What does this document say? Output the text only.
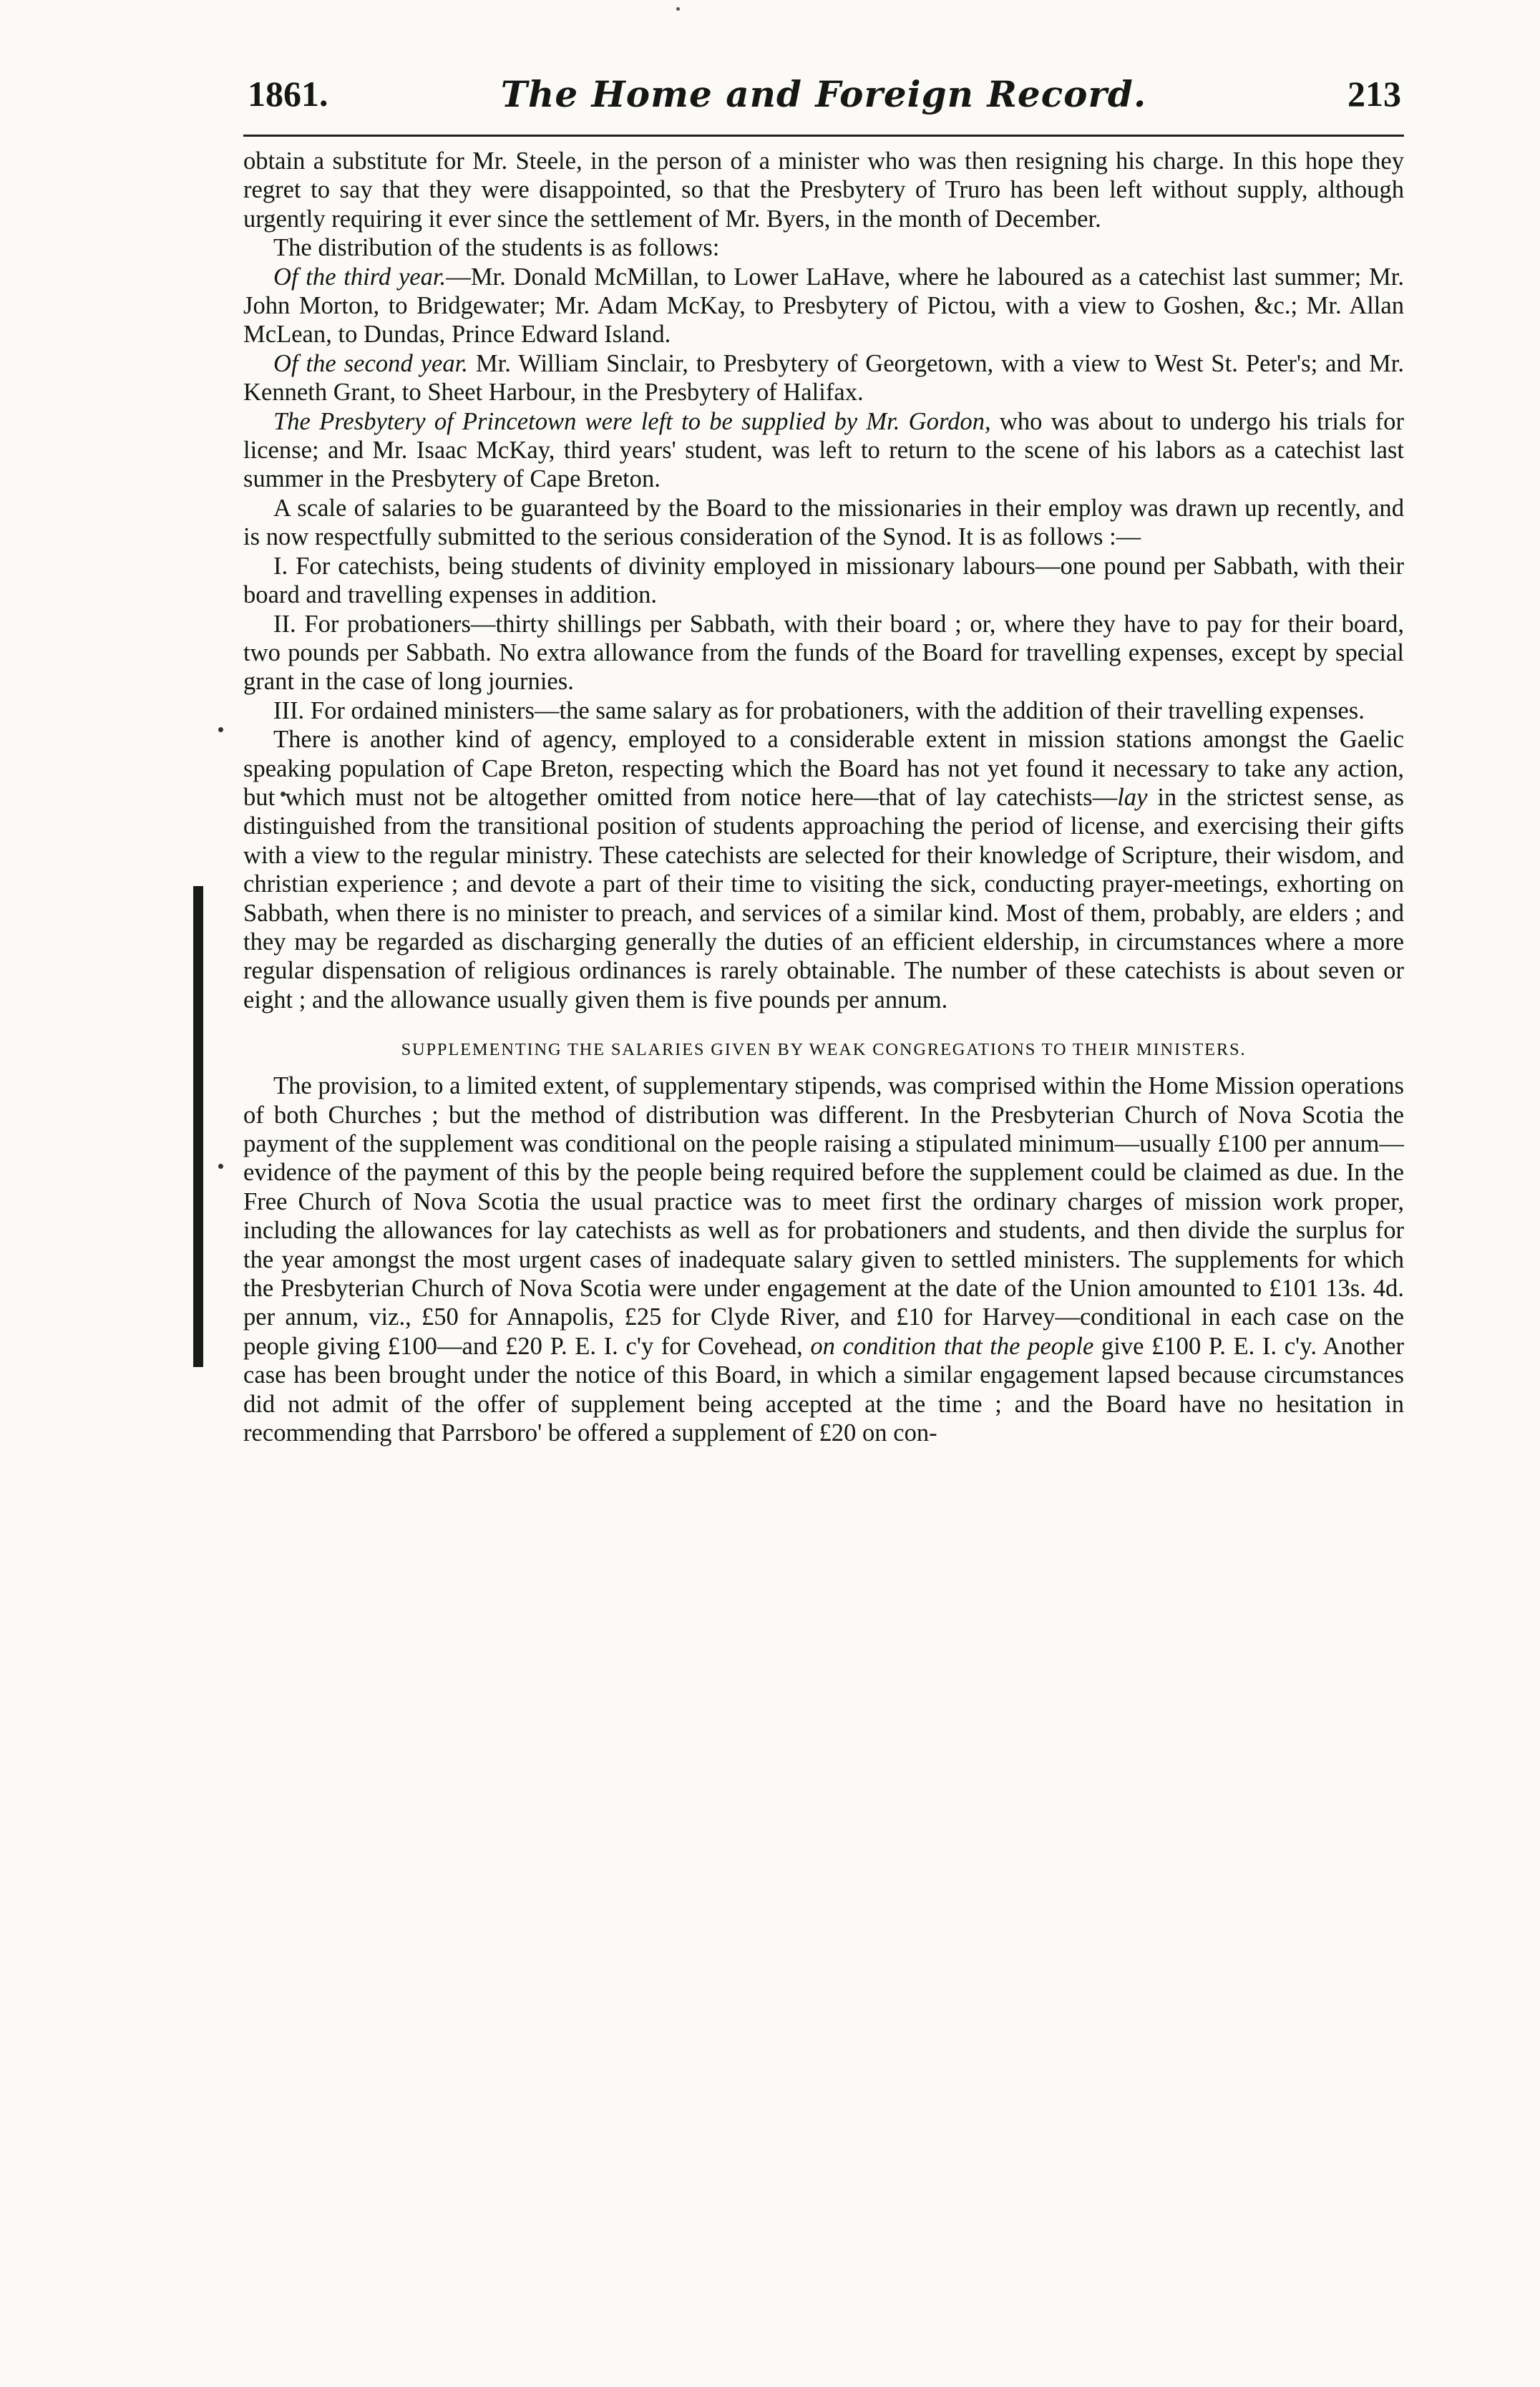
1861.	The Home and Foreign Record.	213

obtain a substitute for Mr. Steele, in the person of a minister who was then resigning his charge. In this hope they regret to say that they were disappointed, so that the Presbytery of Truro has been left without supply, although urgently requiring it ever since the settlement of Mr. Byers, in the month of December.

The distribution of the students is as follows:

Of the third year.—Mr. Donald McMillan, to Lower LaHave, where he laboured as a catechist last summer; Mr. John Morton, to Bridgewater; Mr. Adam McKay, to Presbytery of Pictou, with a view to Goshen, &c.; Mr. Allan McLean, to Dundas, Prince Edward Island.

Of the second year. Mr. William Sinclair, to Presbytery of Georgetown, with a view to West St. Peter's; and Mr. Kenneth Grant, to Sheet Harbour, in the Presbytery of Halifax.

The Presbytery of Princetown were left to be supplied by Mr. Gordon, who was about to undergo his trials for license; and Mr. Isaac McKay, third years' student, was left to return to the scene of his labors as a catechist last summer in the Presbytery of Cape Breton.

A scale of salaries to be guaranteed by the Board to the missionaries in their employ was drawn up recently, and is now respectfully submitted to the serious consideration of the Synod. It is as follows :—

I. For catechists, being students of divinity employed in missionary labours—one pound per Sabbath, with their board and travelling expenses in addition.

II. For probationers—thirty shillings per Sabbath, with their board ; or, where they have to pay for their board, two pounds per Sabbath. No extra allowance from the funds of the Board for travelling expenses, except by special grant in the case of long journies.

III. For ordained ministers—the same salary as for probationers, with the addition of their travelling expenses.

There is another kind of agency, employed to a considerable extent in mission stations amongst the Gaelic speaking population of Cape Breton, respecting which the Board has not yet found it necessary to take any action, but which must not be altogether omitted from notice here—that of lay catechists—lay in the strictest sense, as distinguished from the transitional position of students approaching the period of license, and exercising their gifts with a view to the regular ministry. These catechists are selected for their knowledge of Scripture, their wisdom, and christian experience ; and devote a part of their time to visiting the sick, conducting prayer-meetings, exhorting on Sabbath, when there is no minister to preach, and services of a similar kind. Most of them, probably, are elders ; and they may be regarded as discharging generally the duties of an efficient eldership, in circumstances where a more regular dispensation of religious ordinances is rarely obtainable. The number of these catechists is about seven or eight ; and the allowance usually given them is five pounds per annum.

SUPPLEMENTING THE SALARIES GIVEN BY WEAK CONGREGATIONS TO THEIR MINISTERS.

The provision, to a limited extent, of supplementary stipends, was comprised within the Home Mission operations of both Churches ; but the method of distribution was different. In the Presbyterian Church of Nova Scotia the payment of the supplement was conditional on the people raising a stipulated minimum—usually £100 per annum—evidence of the payment of this by the people being required before the supplement could be claimed as due. In the Free Church of Nova Scotia the usual practice was to meet first the ordinary charges of mission work proper, including the allowances for lay catechists as well as for probationers and students, and then divide the surplus for the year amongst the most urgent cases of inadequate salary given to settled ministers. The supplements for which the Presbyterian Church of Nova Scotia were under engagement at the date of the Union amounted to £101 13s. 4d. per annum, viz., £50 for Annapolis, £25 for Clyde River, and £10 for Harvey—conditional in each case on the people giving £100—and £20 P. E. I. c'y for Covehead, on condition that the people give £100 P. E. I. c'y. Another case has been brought under the notice of this Board, in which a similar engagement lapsed because circumstances did not admit of the offer of supplement being accepted at the time ; and the Board have no hesitation in recommending that Parrsboro' be offered a supplement of £20 on con-
